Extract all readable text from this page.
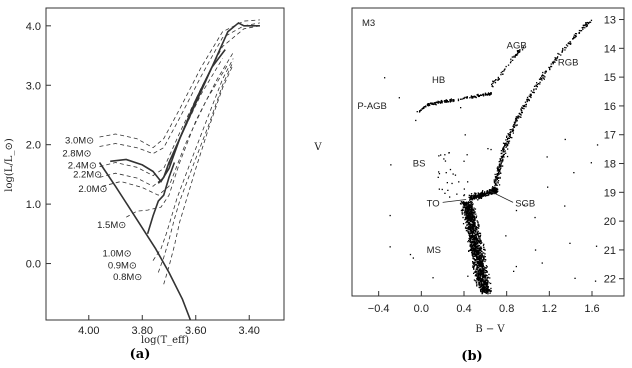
4.00	3.80	3.60	3.40
0.0
1.0
2.0
3.0
4.0
3.0M⊙
2.8M⊙
2.4M⊙
2.2M⊙
2.0M⊙
1.5M⊙
1.0M⊙
0.9M⊙
0.8M⊙
log(T_eff)
log(L/L_⊙)
−0.4 0.0 0.4 0.8 1.2 1.6
13
14
15
16
17
18
19
20
21
22
M3
AGB
RGB
HB
P-AGB
BS
TO	SGB
MS
B − V
V
(a)	(b)
